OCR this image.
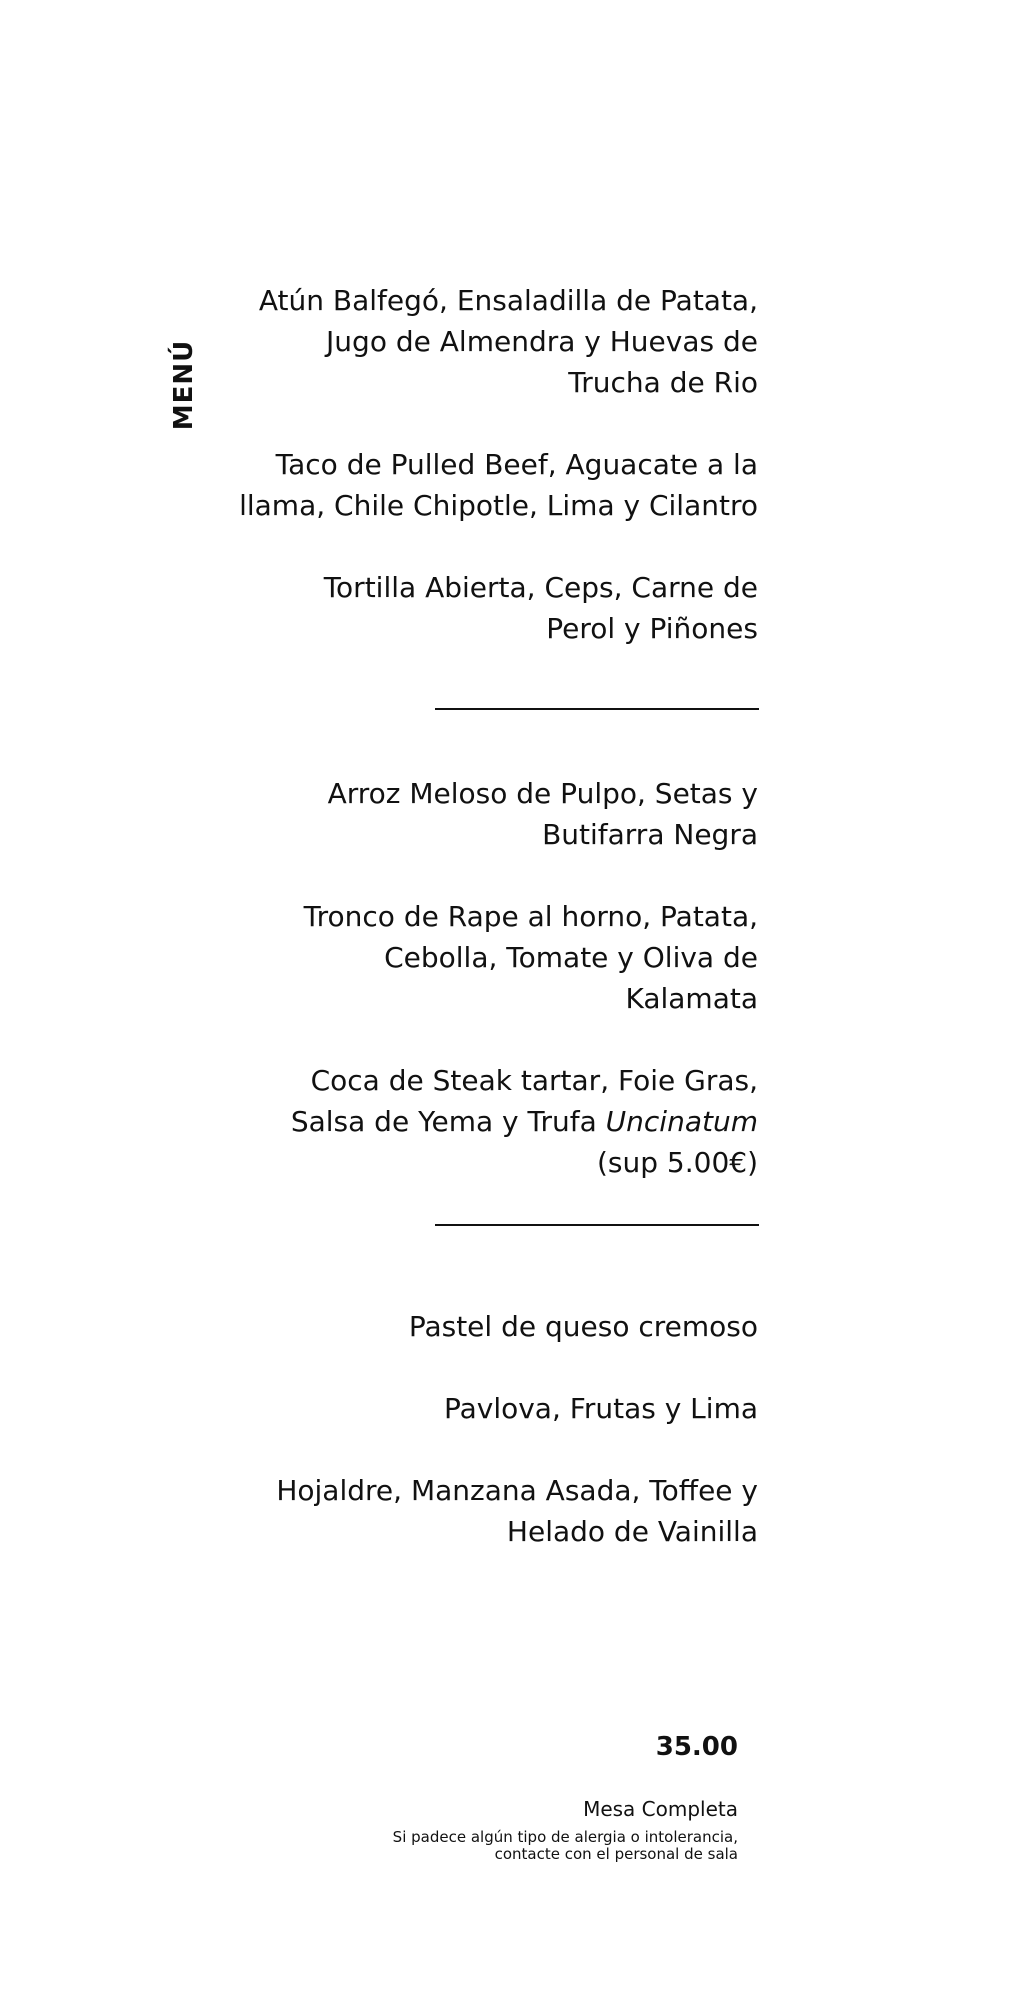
MENÚ
Atún Balfegó, Ensaladilla de Patata,
Jugo de Almendra y Huevas de
Trucha de Rio
Taco de Pulled Beef, Aguacate a la
llama, Chile Chipotle, Lima y Cilantro
Tortilla Abierta, Ceps, Carne de
Perol y Piñones
Arroz Meloso de Pulpo, Setas y
Butifarra Negra
Tronco de Rape al horno, Patata,
Cebolla, Tomate y Oliva de
Kalamata
Coca de Steak tartar, Foie Gras,
Salsa de Yema y Trufa Uncinatum
(sup 5.00€)
Pastel de queso cremoso
Pavlova, Frutas y Lima
Hojaldre, Manzana Asada, Toffee y
Helado de Vainilla
35.00
Mesa Completa
Si padece algún tipo de alergia o intolerancia,
contacte con el personal de sala
